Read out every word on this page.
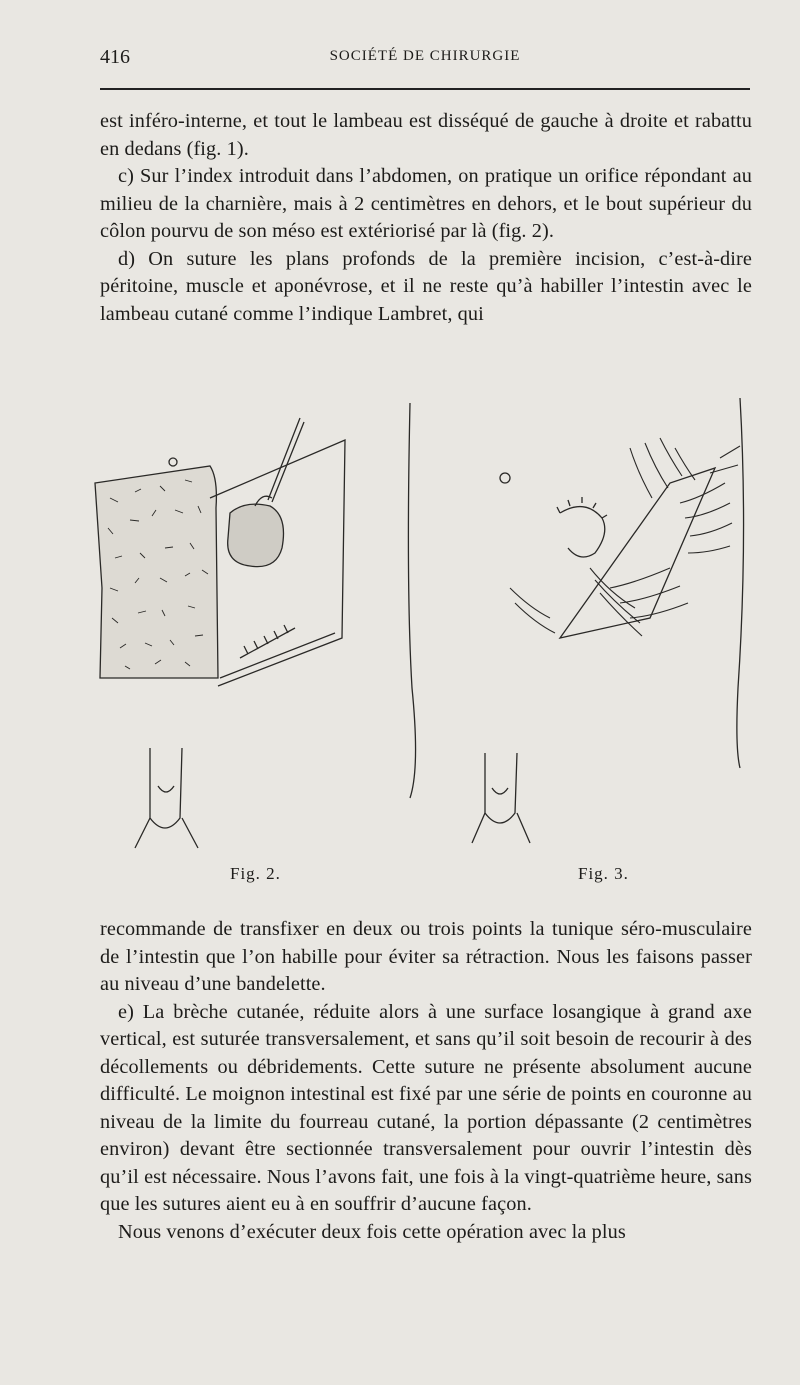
416	SOCIÉTÉ DE CHIRURGIE

est inféro-interne, et tout le lambeau est disséqué de gauche à droite et rabattu en dedans (fig. 1).

c) Sur l’index introduit dans l’abdomen, on pratique un orifice répondant au milieu de la charnière, mais à 2 centimètres en dehors, et le bout supérieur du côlon pourvu de son méso est extériorisé par là (fig. 2).

d) On suture les plans profonds de la première incision, c’est-à-dire péritoine, muscle et aponévrose, et il ne reste qu’à habiller l’intestin avec le lambeau cutané comme l’indique Lambret, qui

Fig. 2.	Fig. 3.

recommande de transfixer en deux ou trois points la tunique séro-musculaire de l’intestin que l’on habille pour éviter sa rétraction. Nous les faisons passer au niveau d’une bandelette.

e) La brèche cutanée, réduite alors à une surface losangique à grand axe vertical, est suturée transversalement, et sans qu’il soit besoin de recourir à des décollements ou débridements. Cette suture ne présente absolument aucune difficulté. Le moignon intestinal est fixé par une série de points en couronne au niveau de la limite du fourreau cutané, la portion dépassante (2 centimètres environ) devant être sectionnée transversalement pour ouvrir l’intestin dès qu’il est nécessaire. Nous l’avons fait, une fois à la vingt-quatrième heure, sans que les sutures aient eu à en souffrir d’aucune façon.

Nous venons d’exécuter deux fois cette opération avec la plus
